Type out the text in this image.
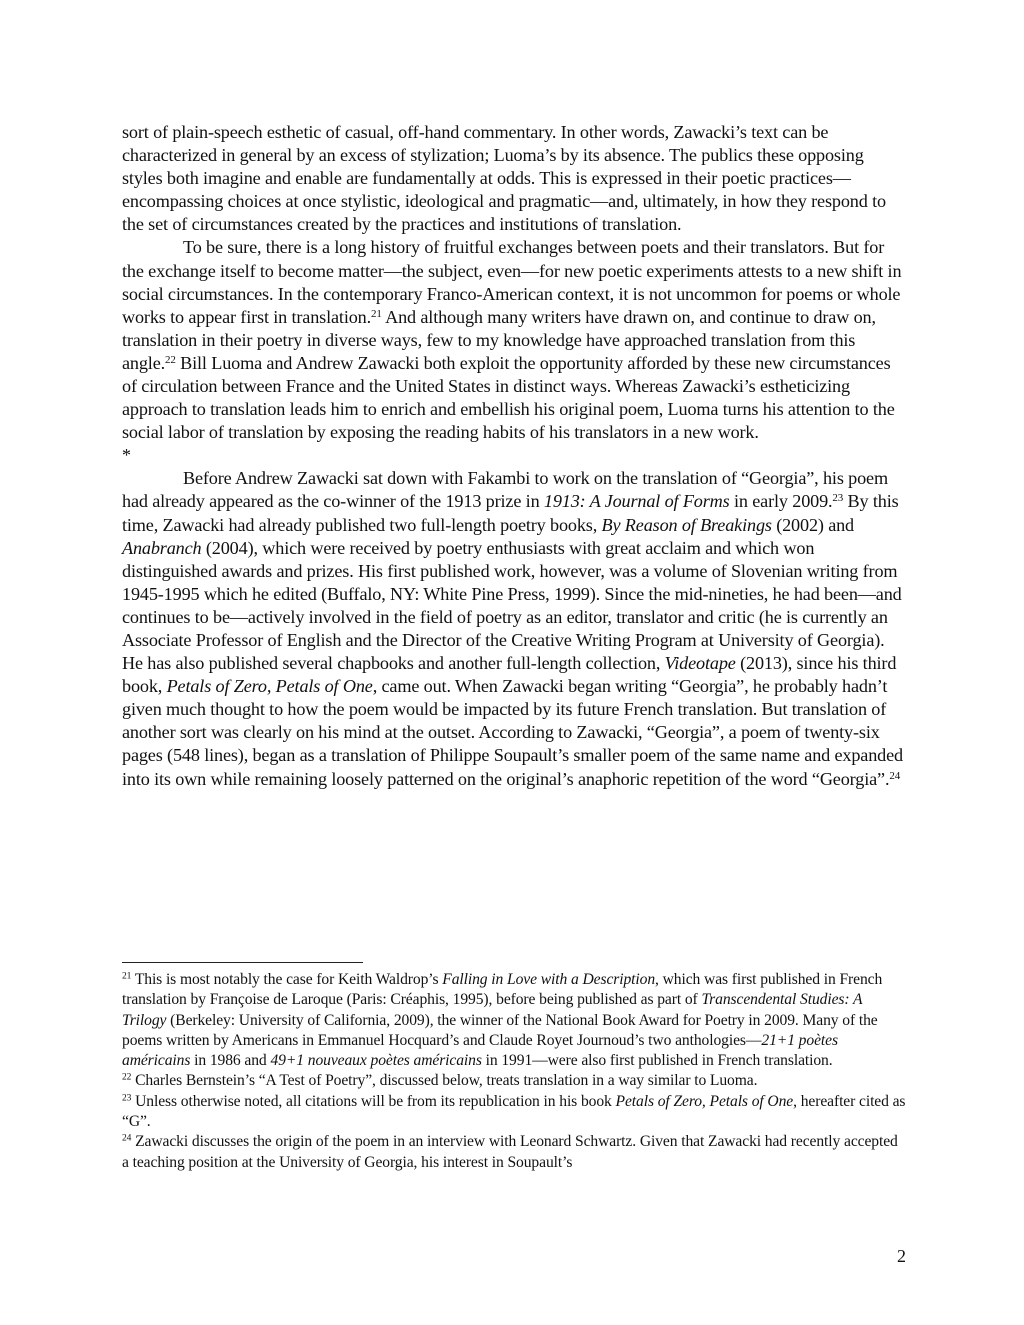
sort of plain-speech esthetic of casual, off-hand commentary. In other words, Zawacki’s text can be characterized in general by an excess of stylization; Luoma’s by its absence. The publics these opposing styles both imagine and enable are fundamentally at odds. This is expressed in their poetic practices—encompassing choices at once stylistic, ideological and pragmatic—and, ultimately, in how they respond to the set of circumstances created by the practices and institutions of translation.

To be sure, there is a long history of fruitful exchanges between poets and their translators. But for the exchange itself to become matter—the subject, even—for new poetic experiments attests to a new shift in social circumstances. In the contemporary Franco-American context, it is not uncommon for poems or whole works to appear first in translation.$^{21}$ And although many writers have drawn on, and continue to draw on, translation in their poetry in diverse ways, few to my knowledge have approached translation from this angle.$^{22}$ Bill Luoma and Andrew Zawacki both exploit the opportunity afforded by these new circumstances of circulation between France and the United States in distinct ways. Whereas Zawacki’s estheticizing approach to translation leads him to enrich and embellish his original poem, Luoma turns his attention to the social labor of translation by exposing the reading habits of his translators in a new work.

*

Before Andrew Zawacki sat down with Fakambi to work on the translation of “Georgia”, his poem had already appeared as the co-winner of the 1913 prize in 1913: A Journal of Forms in early 2009.23 By this time, Zawacki had already published two full-length poetry books, By Reason of Breakings (2002) and Anabranch (2004), which were received by poetry enthusiasts with great acclaim and which won distinguished awards and prizes. His first published work, however, was a volume of Slovenian writing from 1945-1995 which he edited (Buffalo, NY: White Pine Press, 1999). Since the mid-nineties, he had been—and continues to be—actively involved in the field of poetry as an editor, translator and critic (he is currently an Associate Professor of English and the Director of the Creative Writing Program at University of Georgia). He has also published several chapbooks and another full-length collection, Videotape (2013), since his third book, Petals of Zero, Petals of One, came out. When Zawacki began writing “Georgia”, he probably hadn’t given much thought to how the poem would be impacted by its future French translation. But translation of another sort was clearly on his mind at the outset. According to Zawacki, “Georgia”, a poem of twenty-six pages (548 lines), began as a translation of Philippe Soupault’s smaller poem of the same name and expanded into its own while remaining loosely patterned on the original’s anaphoric repetition of the word “Georgia”.$^{24}$

$^{21}$ This is most notably the case for Keith Waldrop’s Falling in Love with a Description, which was first published in French translation by Françoise de Laroque (Paris: Créaphis, 1995), before being published as part of Transcendental Studies: A Trilogy (Berkeley: University of California, 2009), the winner of the National Book Award for Poetry in 2009. Many of the poems written by Americans in Emmanuel Hocquard’s and Claude Royet Journoud’s two anthologies—21+1 poètes américains in 1986 and 49+1 nouveaux poètes américains in 1991—were also first published in French translation.

$^{22}$ Charles Bernstein’s “A Test of Poetry”, discussed below, treats translation in a way similar to Luoma.

$^{23}$ Unless otherwise noted, all citations will be from its republication in his book Petals of Zero, Petals of One, hereafter cited as “G”.

$^{24}$ Zawacki discusses the origin of the poem in an interview with Leonard Schwartz. Given that Zawacki had recently accepted a teaching position at the University of Georgia, his interest in Soupault’s

2
